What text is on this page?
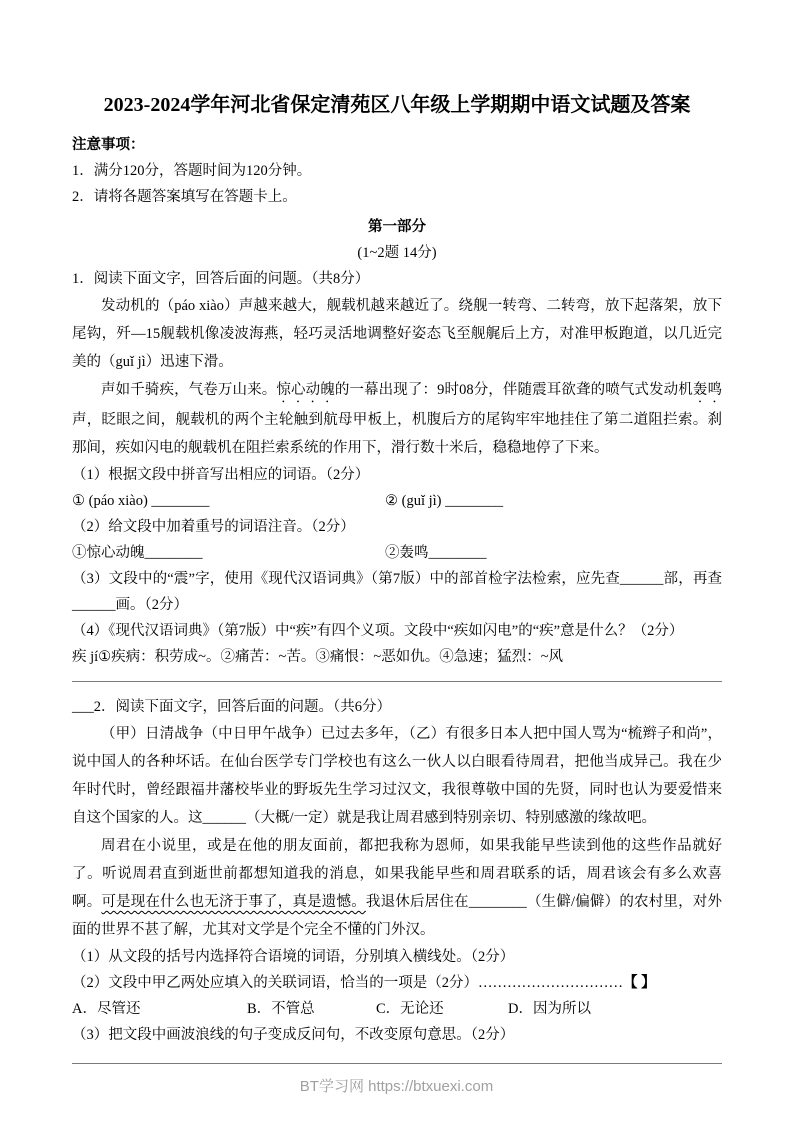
2023-2024学年河北省保定清苑区八年级上学期期中语文试题及答案

注意事项：

1．满分120分，答题时间为120分钟。

2．请将各题答案填写在答题卡上。

第一部分

(1~2题 14分)

1．阅读下面文字，回答后面的问题。（共8分）

发动机的（páo xiào）声越来越大，舰载机越来越近了。绕舰一转弯、二转弯，放下起落架，放下尾钩，歼—15舰载机像凌波海燕，轻巧灵活地调整好姿态飞至舰艉后上方，对准甲板跑道，以几近完美的（guǐ jì）迅速下滑。

声如千骑疾，气卷万山来。惊心动魄的一幕出现了：9时08分，伴随震耳欲聋的喷气式发动机轰鸣声，眨眼之间，舰载机的两个主轮触到航母甲板上，机腹后方的尾钩牢牢地挂住了第二道阻拦索。刹那间，疾如闪电的舰载机在阻拦索系统的作用下，滑行数十米后，稳稳地停了下来。

（1）根据文段中拼音写出相应的词语。（2分）

① (páo xiào) ________	② (guǐ jì) ________

（2）给文段中加着重号的词语注音。（2分）

①惊心动魄________	②轰鸣________

（3）文段中的“震”字，使用《现代汉语词典》（第7版）中的部首检字法检索，应先查______部，再查______画。（2分）

（4）《现代汉语词典》（第7版）中“疾”有四个义项。文段中“疾如闪电”的“疾”意是什么？（2分）

疾 jí①疾病：积劳成~。②痛苦：~苦。③痛恨：~恶如仇。④急速；猛烈：~风

___2．阅读下面文字，回答后面的问题。（共6分）

（甲）日清战争（中日甲午战争）已过去多年，（乙）有很多日本人把中国人骂为“梳辫子和尚”，说中国人的各种坏话。在仙台医学专门学校也有这么一伙人以白眼看待周君，把他当成异己。我在少年时代时，曾经跟福井藩校毕业的野坂先生学习过汉文，我很尊敬中国的先贤，同时也认为要爱惜来自这个国家的人。这______（大概/一定）就是我让周君感到特别亲切、特别感激的缘故吧。

周君在小说里，或是在他的朋友面前，都把我称为恩师，如果我能早些读到他的这些作品就好了。听说周君直到逝世前都想知道我的消息，如果我能早些和周君联系的话，周君该会有多么欢喜啊。可是现在什么也无济于事了，真是遗憾。我退休后居住在________（生僻/偏僻）的农村里，对外面的世界不甚了解，尤其对文学是个完全不懂的门外汉。

（1）从文段的括号内选择符合语境的词语，分别填入横线处。（2分）

（2）文段中甲乙两处应填入的关联词语，恰当的一项是（2分）…………………………【 】

A．尽管还	B．不管总	C．无论还	D．因为所以

（3）把文段中画波浪线的句子变成反问句，不改变原句意思。（2分）

BT学习网 https://btxuexi.com
